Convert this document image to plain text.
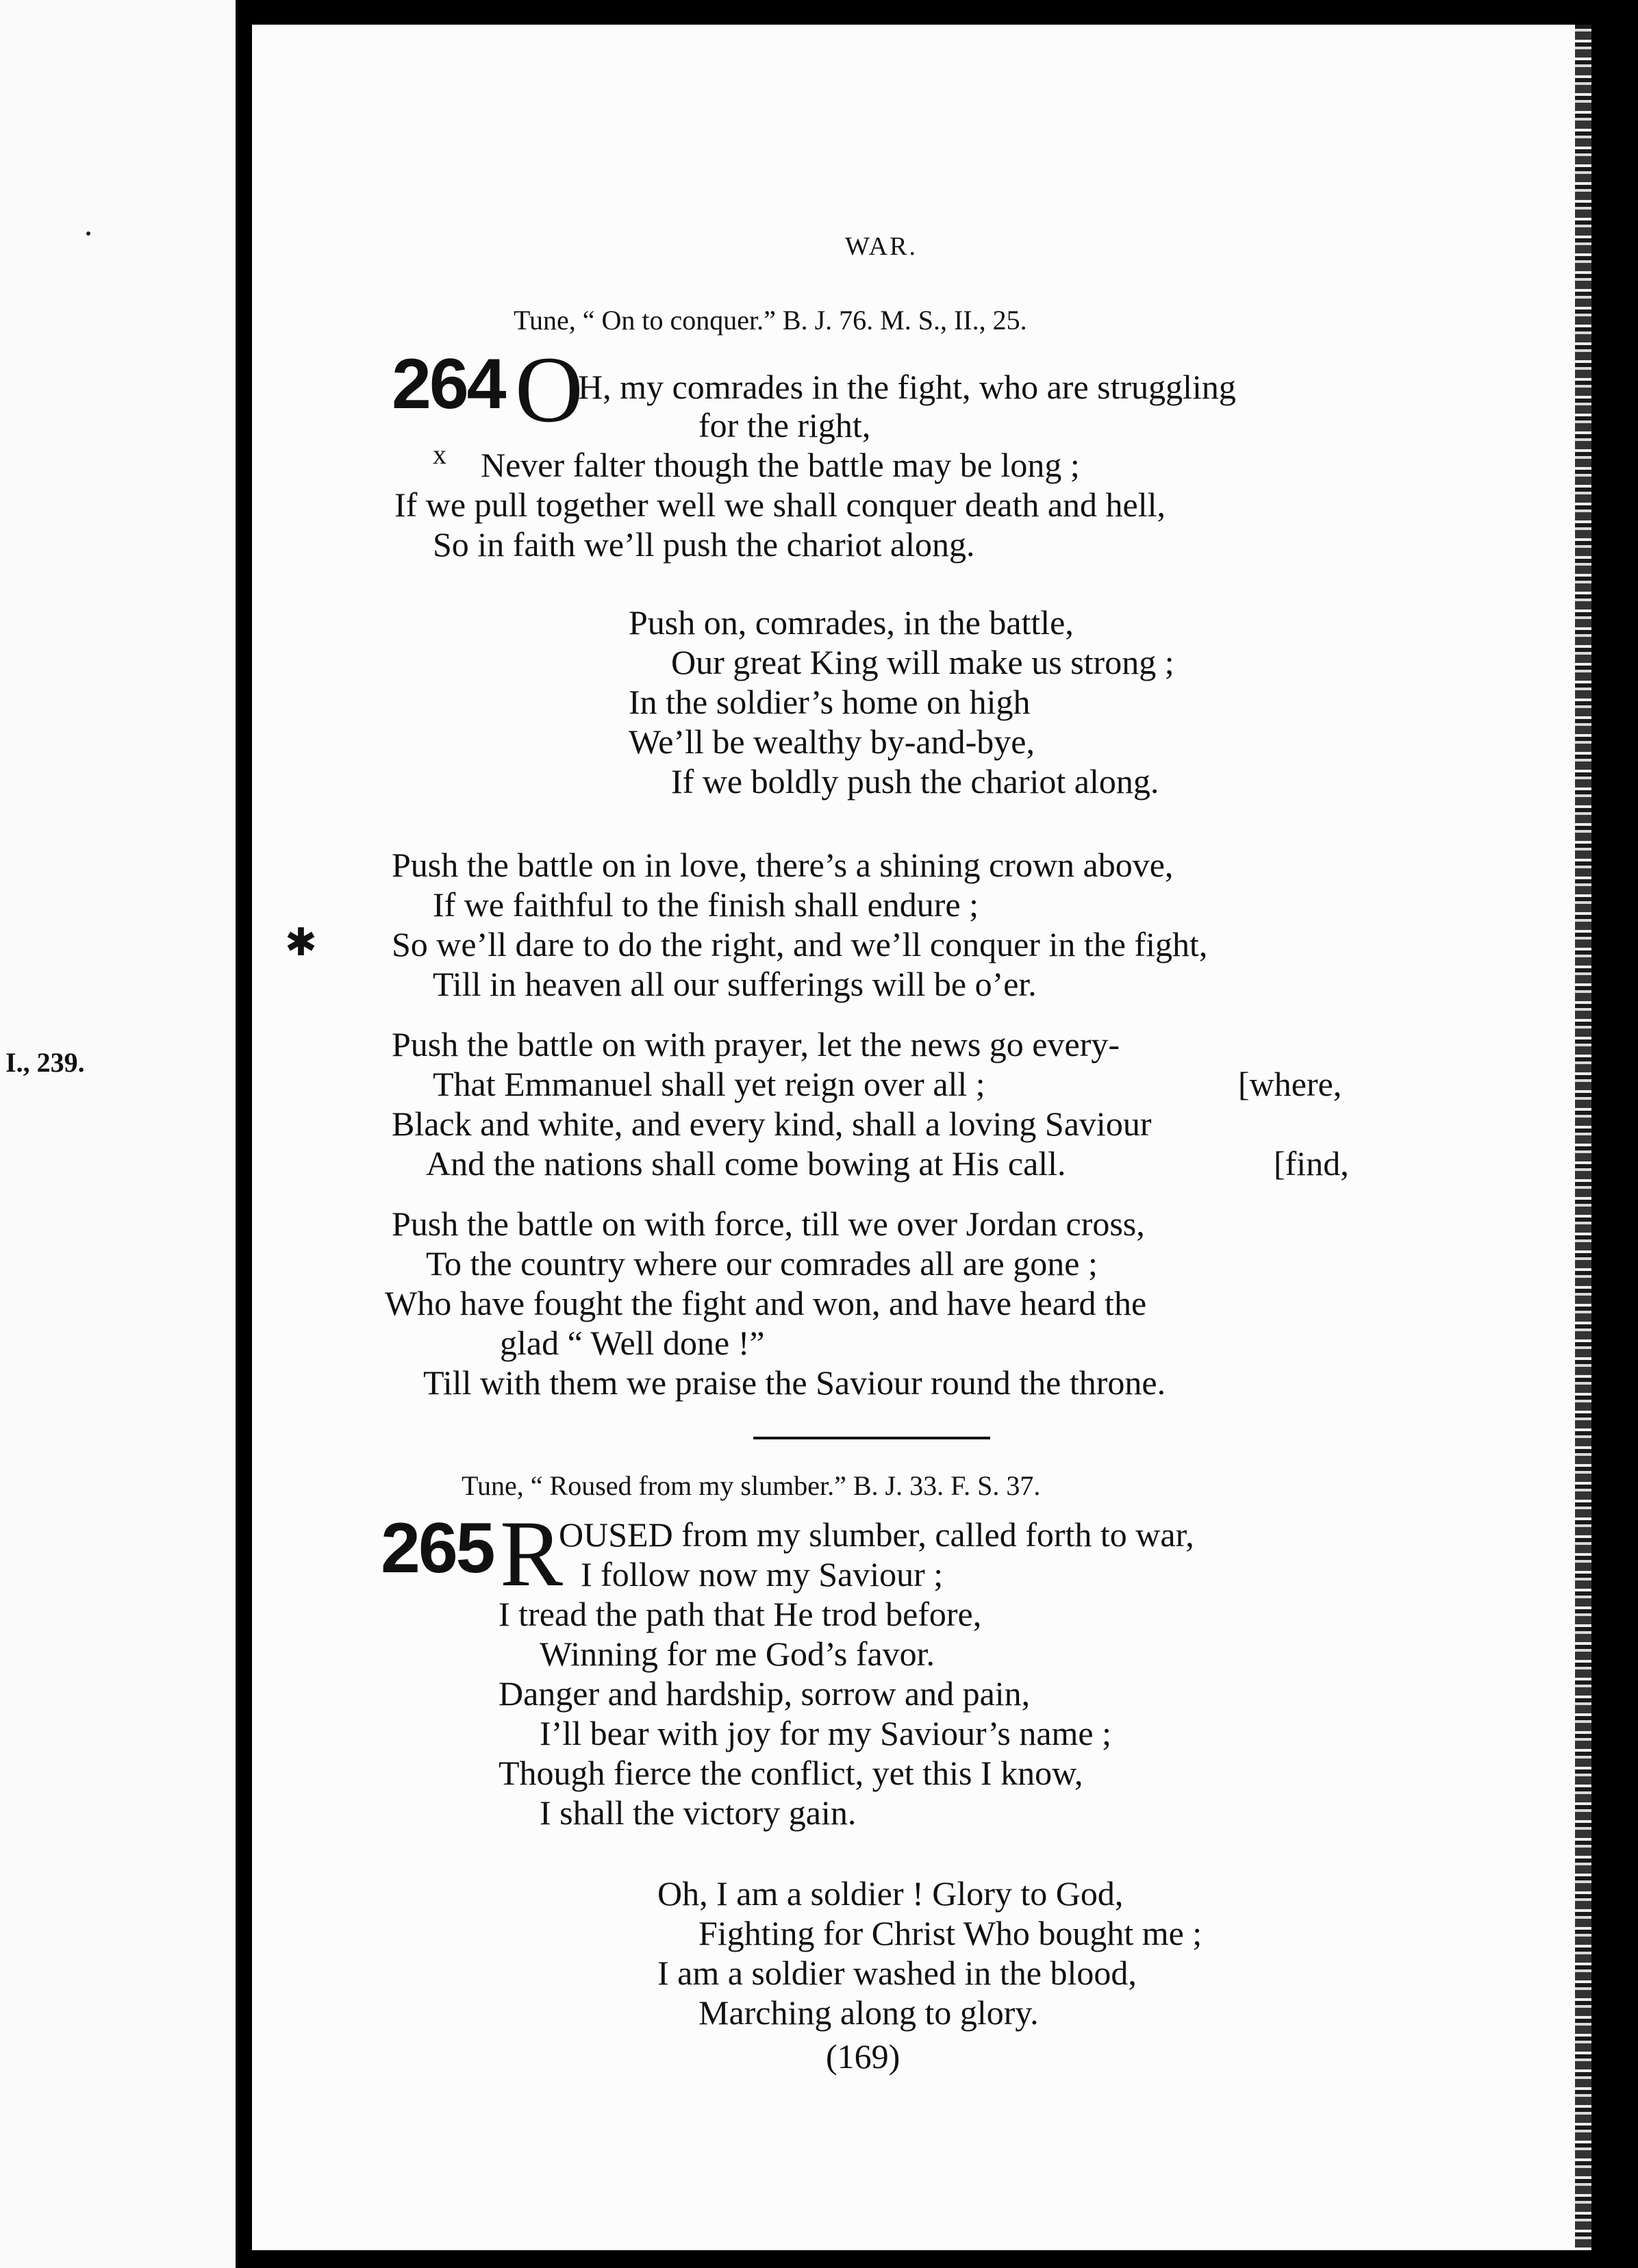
I., 239.
WAR.
Tune, “ On to conquer.” B. J. 76. M. S., II., 25.
264 O
x
H, my comrades in the fight, who are struggling
for the right,
Never falter though the battle may be long ;
If we pull together well we shall conquer death and hell,
So in faith we’ll push the chariot along.
Push on, comrades, in the battle,
Our great King will make us strong ;
In the soldier’s home on high
We’ll be wealthy by-and-bye,
If we boldly push the chariot along.
Push the battle on in love, there’s a shining crown above,
If we faithful to the finish shall endure ;
✱ So we’ll dare to do the right, and we’ll conquer in the fight,
Till in heaven all our sufferings will be o’er.
Push the battle on with prayer, let the news go every-
That Emmanuel shall yet reign over all ;	[where,
Black and white, and every kind, shall a loving Saviour
And the nations shall come bowing at His call.	[find,
Push the battle on with force, till we over Jordan cross,
To the country where our comrades all are gone ;
Who have fought the fight and won, and have heard the
glad “ Well done !”
Till with them we praise the Saviour round the throne.
Tune, “ Roused from my slumber.” B. J. 33. F. S. 37.
265 R
OUSED from my slumber, called forth to war,
I follow now my Saviour ;
I tread the path that He trod before,
Winning for me God’s favor.
Danger and hardship, sorrow and pain,
I’ll bear with joy for my Saviour’s name ;
Though fierce the conflict, yet this I know,
I shall the victory gain.
Oh, I am a soldier ! Glory to God,
Fighting for Christ Who bought me ;
I am a soldier washed in the blood,
Marching along to glory.
(169)
